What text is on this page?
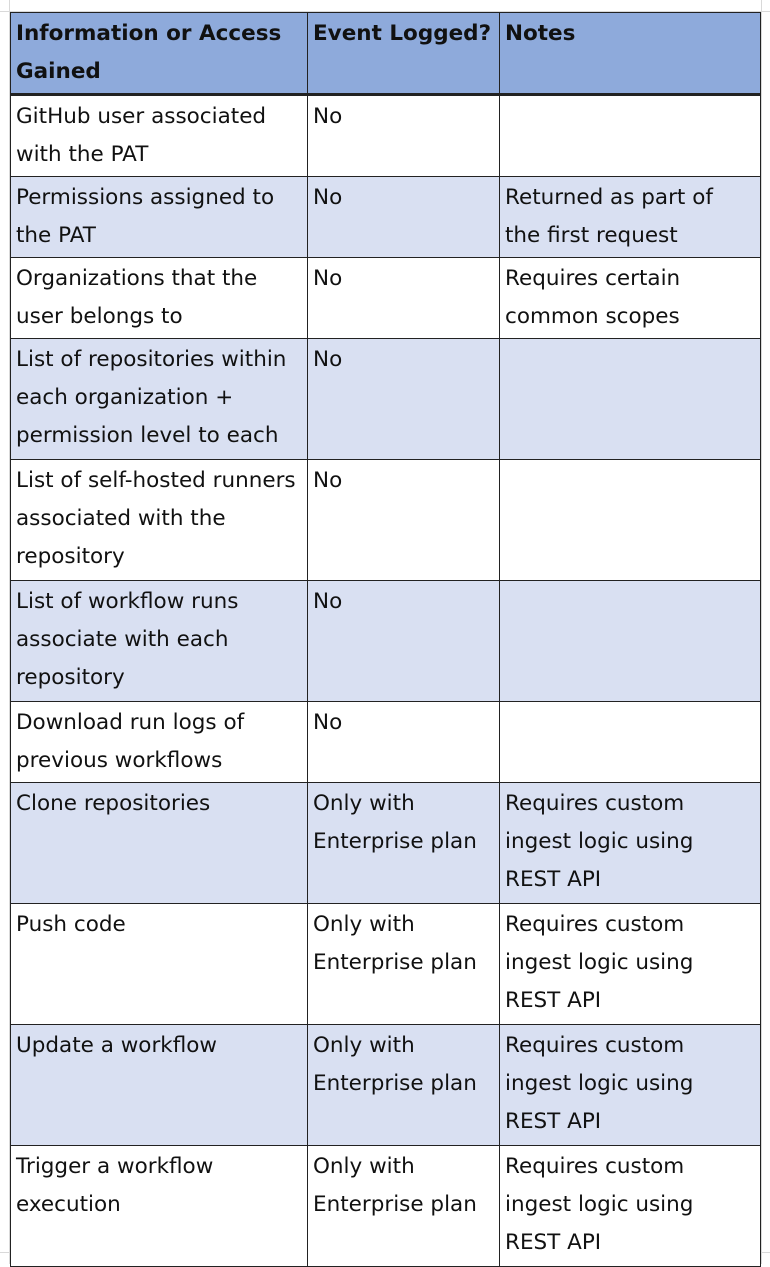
Information or Access Gained	Event Logged?	Notes
GitHub user associated with the PAT	No	
Permissions assigned to the PAT	No	Returned as part of the first request
Organizations that the user belongs to	No	Requires certain common scopes
List of repositories within each organization + permission level to each	No	
List of self-hosted runners associated with the repository	No	
List of workflow runs associate with each repository	No	
Download run logs of previous workflows	No	
Clone repositories	Only with Enterprise plan	Requires custom ingest logic using REST API
Push code	Only with Enterprise plan	Requires custom ingest logic using REST API
Update a workflow	Only with Enterprise plan	Requires custom ingest logic using REST API
Trigger a workflow execution	Only with Enterprise plan	Requires custom ingest logic using REST API
